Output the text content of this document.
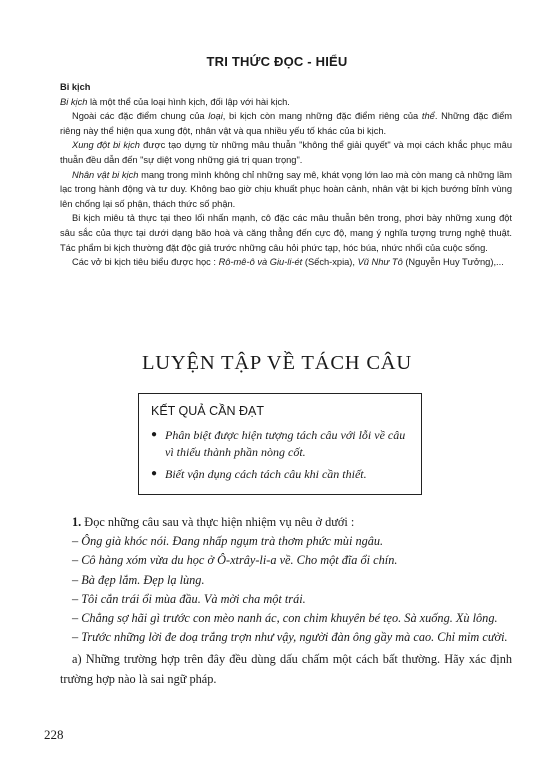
TRI THỨC ĐỌC - HIỂU

Bi kịch

Bi kịch là một thể của loại hình kịch, đối lập với hài kịch.

Ngoài các đặc điểm chung của loại, bi kịch còn mang những đặc điểm riêng của thể. Những đặc điểm riêng này thể hiện qua xung đột, nhân vật và qua nhiều yếu tố khác của bi kịch.

Xung đột bi kịch được tạo dựng từ những mâu thuẫn "không thể giải quyết" và mọi cách khắc phục mâu thuẫn đều dẫn đến "sự diệt vong những giá trị quan trọng".

Nhân vật bi kịch mang trong mình không chỉ những say mê, khát vọng lớn lao mà còn mang cả những lầm lạc trong hành động và tư duy. Không bao giờ chịu khuất phục hoàn cảnh, nhân vật bi kịch bướng bỉnh vùng lên chống lại số phận, thách thức số phận.

Bi kịch miêu tả thực tại theo lối nhấn mạnh, cô đặc các mâu thuẫn bên trong, phơi bày những xung đột sâu sắc của thực tại dưới dạng bão hoà và căng thẳng đến cực độ, mang ý nghĩa tượng trưng nghệ thuật. Tác phẩm bi kịch thường đặt độc giả trước những câu hỏi phức tạp, hóc búa, nhức nhối của cuộc sống.

Các vở bi kịch tiêu biểu được học : Rô-mê-ô và Giu-li-ét (Sếch-xpia), Vũ Như Tô (Nguyễn Huy Tưởng),...

LUYỆN TẬP VỀ TÁCH CÂU
KẾT QUẢ CẦN ĐẠT
● Phân biệt được hiện tượng tách câu với lỗi về câu vì thiếu thành phần nòng cốt.
● Biết vận dụng cách tách câu khi cần thiết.

1. Đọc những câu sau và thực hiện nhiệm vụ nêu ở dưới :

– Ông già khóc nói. Đang nhấp ngụm trà thơm phức mùi ngâu.

– Cô hàng xóm vừa du học ở Ô-xtrây-li-a về. Cho một đĩa ổi chín.

– Bà đẹp lắm. Đẹp lạ lùng.

– Tôi cắn trái ổi mùa đầu. Và mời cha một trái.

– Chẳng sợ hãi gì trước con mèo nanh ác, con chim khuyên bé tẹo. Sà xuống. Xù lông.

– Trước những lời đe doạ trắng trợn như vậy, người đàn ông gầy mà cao. Chỉ mỉm cười.

a) Những trường hợp trên đây đều dùng dấu chấm một cách bất thường. Hãy xác định trường hợp nào là sai ngữ pháp.

228
